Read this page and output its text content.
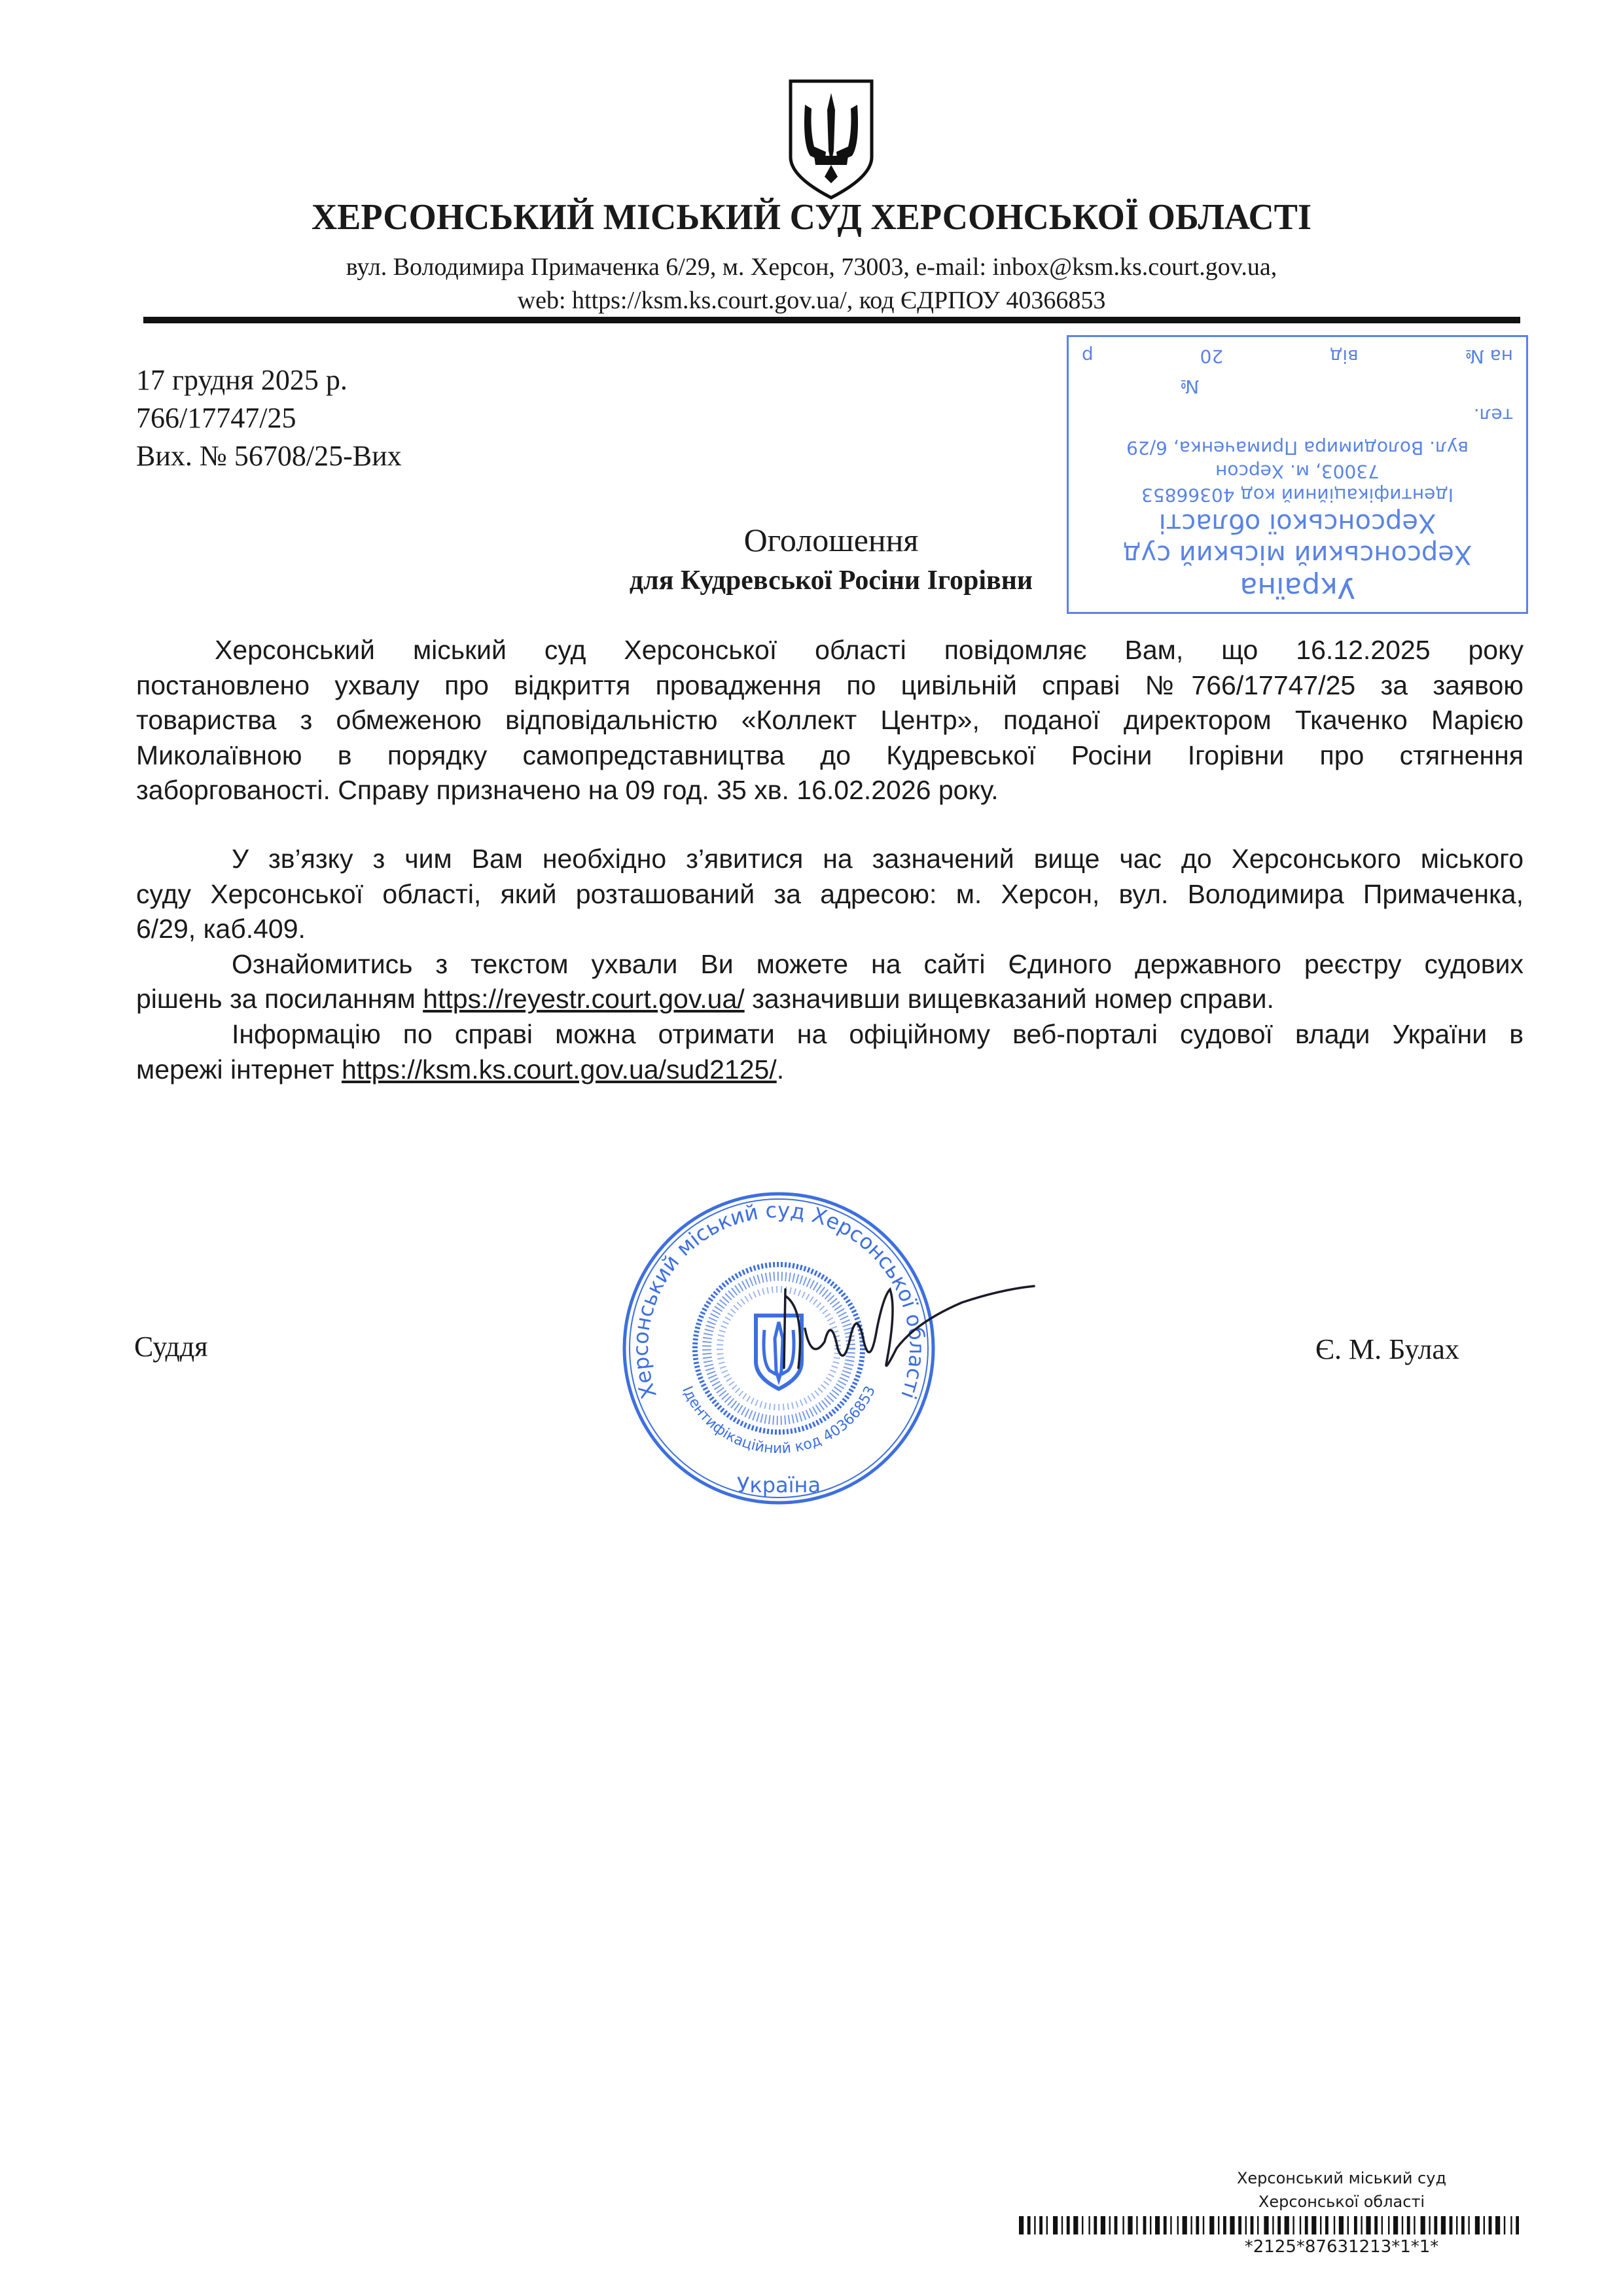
ХЕРСОНСЬКИЙ МІСЬКИЙ СУД ХЕРСОНСЬКОЇ ОБЛАСТІ
вул. Володимира Примаченка 6/29, м. Херсон, 73003, e-mail: inbox@ksm.ks.court.gov.ua,
web: https://ksm.ks.court.gov.ua/, код ЄДРПОУ 40366853
Україна
Херсонський міський суд
Херсонської області
Ідентифікаційний код 40366853
73003, м. Херсон
вул. Володимира Примаченка, 6/29
тел.
№
на №
від
20
р
17 грудня 2025 р.
766/17747/25
Вих. № 56708/25-Вих
Оголошення
для Кудревської Росіни Ігорівни
Херсонський міський суд Херсонської області повідомляє Вам, що 16.12.2025 року
постановлено ухвалу про відкриття провадження по цивільній справі №766/17747/25 за заявою
товариства з обмеженою відповідальністю «Коллект Центр», поданої директором Ткаченко Марією
Миколаївною в порядку самопредставництва до Кудревської Росіни Ігорівни про стягнення
заборгованості. Справу призначено на 09 год. 35 хв. 16.02.2026 року.
У зв’язку з чим Вам необхідно з’явитися на зазначений вище час до Херсонського міського
суду Херсонської області, який розташований за адресою: м. Херсон, вул. Володимира Примаченка,
6/29, каб.409.
Ознайомитись з текстом ухвали Ви можете на сайті Єдиного державного реєстру судових
рішень за посиланням https://reyestr.court.gov.ua/ зазначивши вищевказаний номер справи.
Інформацію по справі можна отримати на офіційному веб-порталі судової влади України в
мережі інтернет https://ksm.ks.court.gov.ua/sud2125/.
Суддя	Є. М. Булах
Херсонський міський суд Херсонської області
Ідентифікаційний код 40366853
Україна
Херсонський міський суд
Херсонської області
*2125*87631213*1*1*
